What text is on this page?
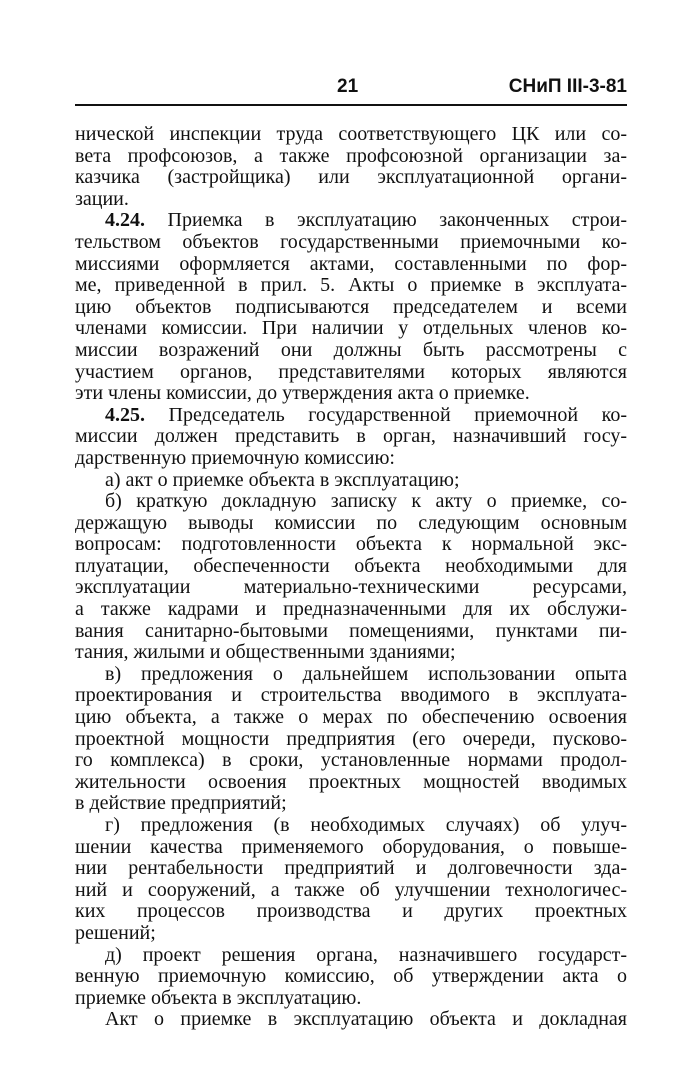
21	СНиП III-3-81
нической инспекции труда соответствующего ЦК или со-
вета профсоюзов, а также профсоюзной организации за-
казчика (застройщика) или эксплуатационной органи-
зации.
4.24. Приемка в эксплуатацию законченных строи-
тельством объектов государственными приемочными ко-
миссиями оформляется актами, составленными по фор-
ме, приведенной в прил. 5. Акты о приемке в эксплуата-
цию объектов подписываются председателем и всеми
членами комиссии. При наличии у отдельных членов ко-
миссии возражений они должны быть рассмотрены с
участием органов, представителями которых являются
эти члены комиссии, до утверждения акта о приемке.
4.25. Председатель государственной приемочной ко-
миссии должен представить в орган, назначивший госу-
дарственную приемочную комиссию:
а) акт о приемке объекта в эксплуатацию;
б) краткую докладную записку к акту о приемке, со-
держащую выводы комиссии по следующим основным
вопросам: подготовленности объекта к нормальной экс-
плуатации, обеспеченности объекта необходимыми для
эксплуатации материально-техническими ресурсами,
а также кадрами и предназначенными для их обслужи-
вания санитарно-бытовыми помещениями, пунктами пи-
тания, жилыми и общественными зданиями;
в) предложения о дальнейшем использовании опыта
проектирования и строительства вводимого в эксплуата-
цию объекта, а также о мерах по обеспечению освоения
проектной мощности предприятия (его очереди, пусково-
го комплекса) в сроки, установленные нормами продол-
жительности освоения проектных мощностей вводимых
в действие предприятий;
г) предложения (в необходимых случаях) об улуч-
шении качества применяемого оборудования, о повыше-
нии рентабельности предприятий и долговечности зда-
ний и сооружений, а также об улучшении технологичес-
ких процессов производства и других проектных
решений;
д) проект решения органа, назначившего государст-
венную приемочную комиссию, об утверждении акта о
приемке объекта в эксплуатацию.
Акт о приемке в эксплуатацию объекта и докладная
